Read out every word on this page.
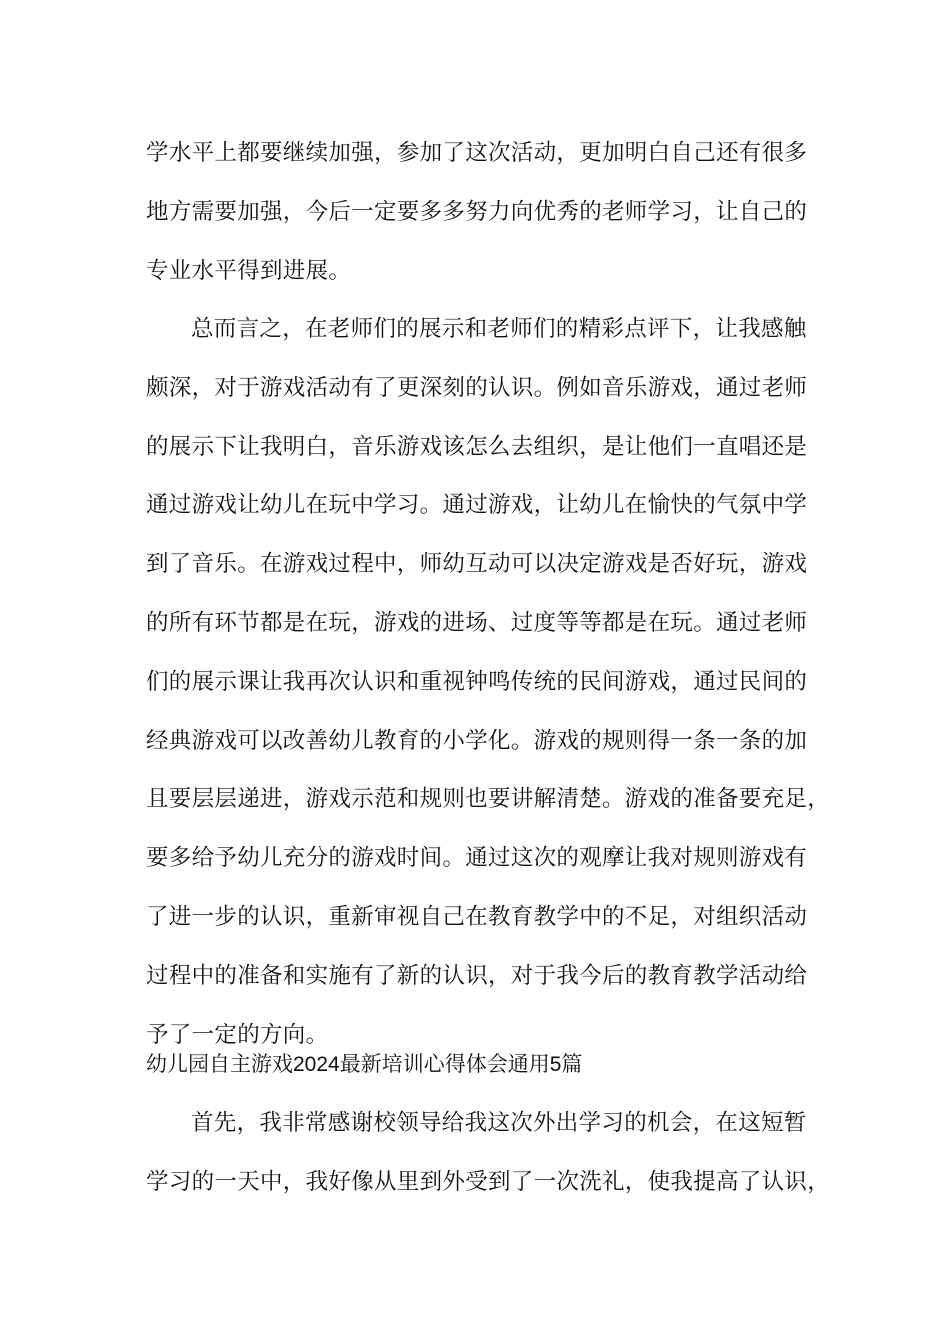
学水平上都要继续加强，参加了这次活动，更加明白自己还有很多
地方需要加强，今后一定要多多努力向优秀的老师学习，让自己的
专业水平得到进展。
总而言之，在老师们的展示和老师们的精彩点评下，让我感触
颇深，对于游戏活动有了更深刻的认识。例如音乐游戏，通过老师
的展示下让我明白，音乐游戏该怎么去组织，是让他们一直唱还是
通过游戏让幼儿在玩中学习。通过游戏，让幼儿在愉快的气氛中学
到了音乐。在游戏过程中，师幼互动可以决定游戏是否好玩，游戏
的所有环节都是在玩，游戏的进场、过度等等都是在玩。通过老师
们的展示课让我再次认识和重视钟鸣传统的民间游戏，通过民间的
经典游戏可以改善幼儿教育的小学化。游戏的规则得一条一条的加
且要层层递进，游戏示范和规则也要讲解清楚。游戏的准备要充足，
要多给予幼儿充分的游戏时间。通过这次的观摩让我对规则游戏有
了进一步的认识，重新审视自己在教育教学中的不足，对组织活动
过程中的准备和实施有了新的认识，对于我今后的教育教学活动给
予了一定的方向。
幼儿园自主游戏2024最新培训心得体会通用5篇
首先，我非常感谢校领导给我这次外出学习的机会，在这短暂
学习的一天中，我好像从里到外受到了一次洗礼，使我提高了认识，
